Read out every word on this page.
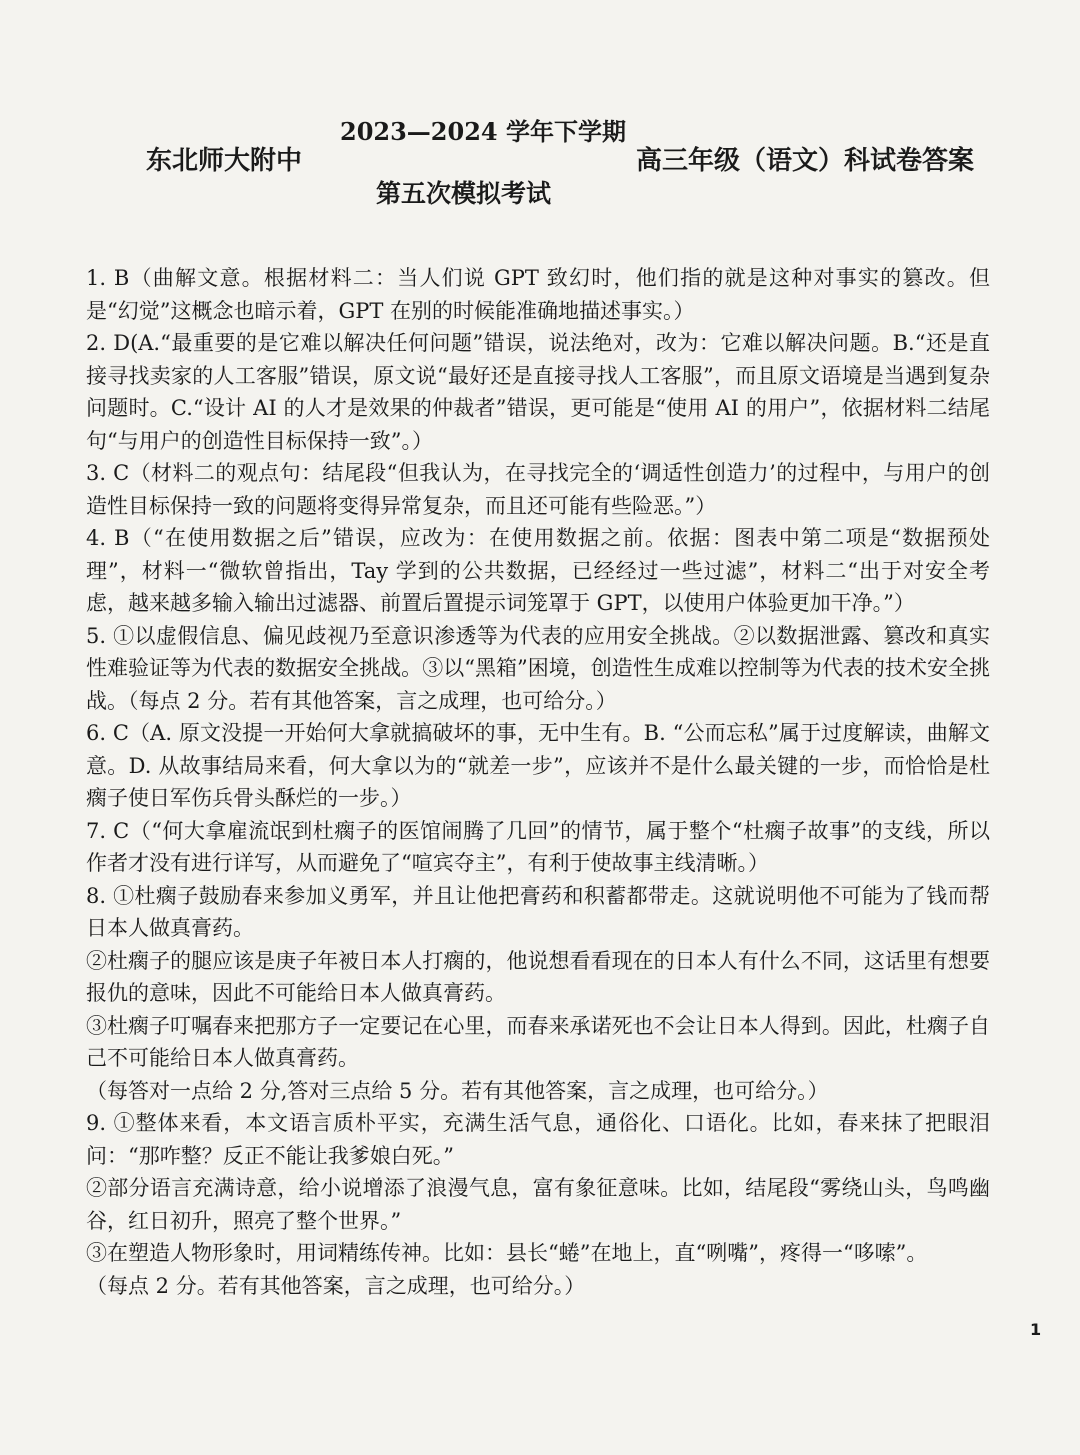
2023—2024 学年下学期
东北师大附中	高三年级（语文）科试卷答案
第五次模拟考试

1. B（曲解文意。根据材料二：当人们说 GPT 致幻时，他们指的就是这种对事实的篡改。但是“幻觉”这概念也暗示着，GPT 在别的时候能准确地描述事实。）

2. D(A.“最重要的是它难以解决任何问题”错误，说法绝对，改为：它难以解决问题。B.“还是直接寻找卖家的人工客服”错误，原文说“最好还是直接寻找人工客服”，而且原文语境是当遇到复杂问题时。C.“设计 AI 的人才是效果的仲裁者”错误，更可能是“使用 AI 的用户”，依据材料二结尾句“与用户的创造性目标保持一致”。）

3. C（材料二的观点句：结尾段“但我认为，在寻找完全的‘调适性创造力’的过程中，与用户的创造性目标保持一致的问题将变得异常复杂，而且还可能有些险恶。”）

4. B（“在使用数据之后”错误，应改为：在使用数据之前。依据：图表中第二项是“数据预处理”，材料一“微软曾指出，Tay 学到的公共数据，已经经过一些过滤”，材料二“出于对安全考虑，越来越多输入输出过滤器、前置后置提示词笼罩于 GPT，以使用户体验更加干净。”）

5. ①以虚假信息、偏见歧视乃至意识渗透等为代表的应用安全挑战。②以数据泄露、篡改和真实性难验证等为代表的数据安全挑战。③以“黑箱”困境，创造性生成难以控制等为代表的技术安全挑战。（每点 2 分。若有其他答案，言之成理，也可给分。）

6. C（A. 原文没提一开始何大拿就搞破坏的事，无中生有。B. “公而忘私”属于过度解读，曲解文意。D. 从故事结局来看，何大拿以为的“就差一步”，应该并不是什么最关键的一步，而恰恰是杜瘸子使日军伤兵骨头酥烂的一步。）

7. C（“何大拿雇流氓到杜瘸子的医馆闹腾了几回”的情节，属于整个“杜瘸子故事”的支线，所以作者才没有进行详写，从而避免了“喧宾夺主”，有利于使故事主线清晰。）

8. ①杜瘸子鼓励春来参加义勇军，并且让他把膏药和积蓄都带走。这就说明他不可能为了钱而帮日本人做真膏药。

②杜瘸子的腿应该是庚子年被日本人打瘸的，他说想看看现在的日本人有什么不同，这话里有想要报仇的意味，因此不可能给日本人做真膏药。

③杜瘸子叮嘱春来把那方子一定要记在心里，而春来承诺死也不会让日本人得到。因此，杜瘸子自己不可能给日本人做真膏药。

（每答对一点给 2 分,答对三点给 5 分。若有其他答案，言之成理，也可给分。）

9. ①整体来看，本文语言质朴平实，充满生活气息，通俗化、口语化。比如，春来抹了把眼泪问：“那咋整？反正不能让我爹娘白死。”

②部分语言充满诗意，给小说增添了浪漫气息，富有象征意味。比如，结尾段“雾绕山头，鸟鸣幽谷，红日初升，照亮了整个世界。”

③在塑造人物形象时，用词精练传神。比如：县长“蜷”在地上，直“咧嘴”，疼得一“哆嗦”。

（每点 2 分。若有其他答案，言之成理，也可给分。）

1
